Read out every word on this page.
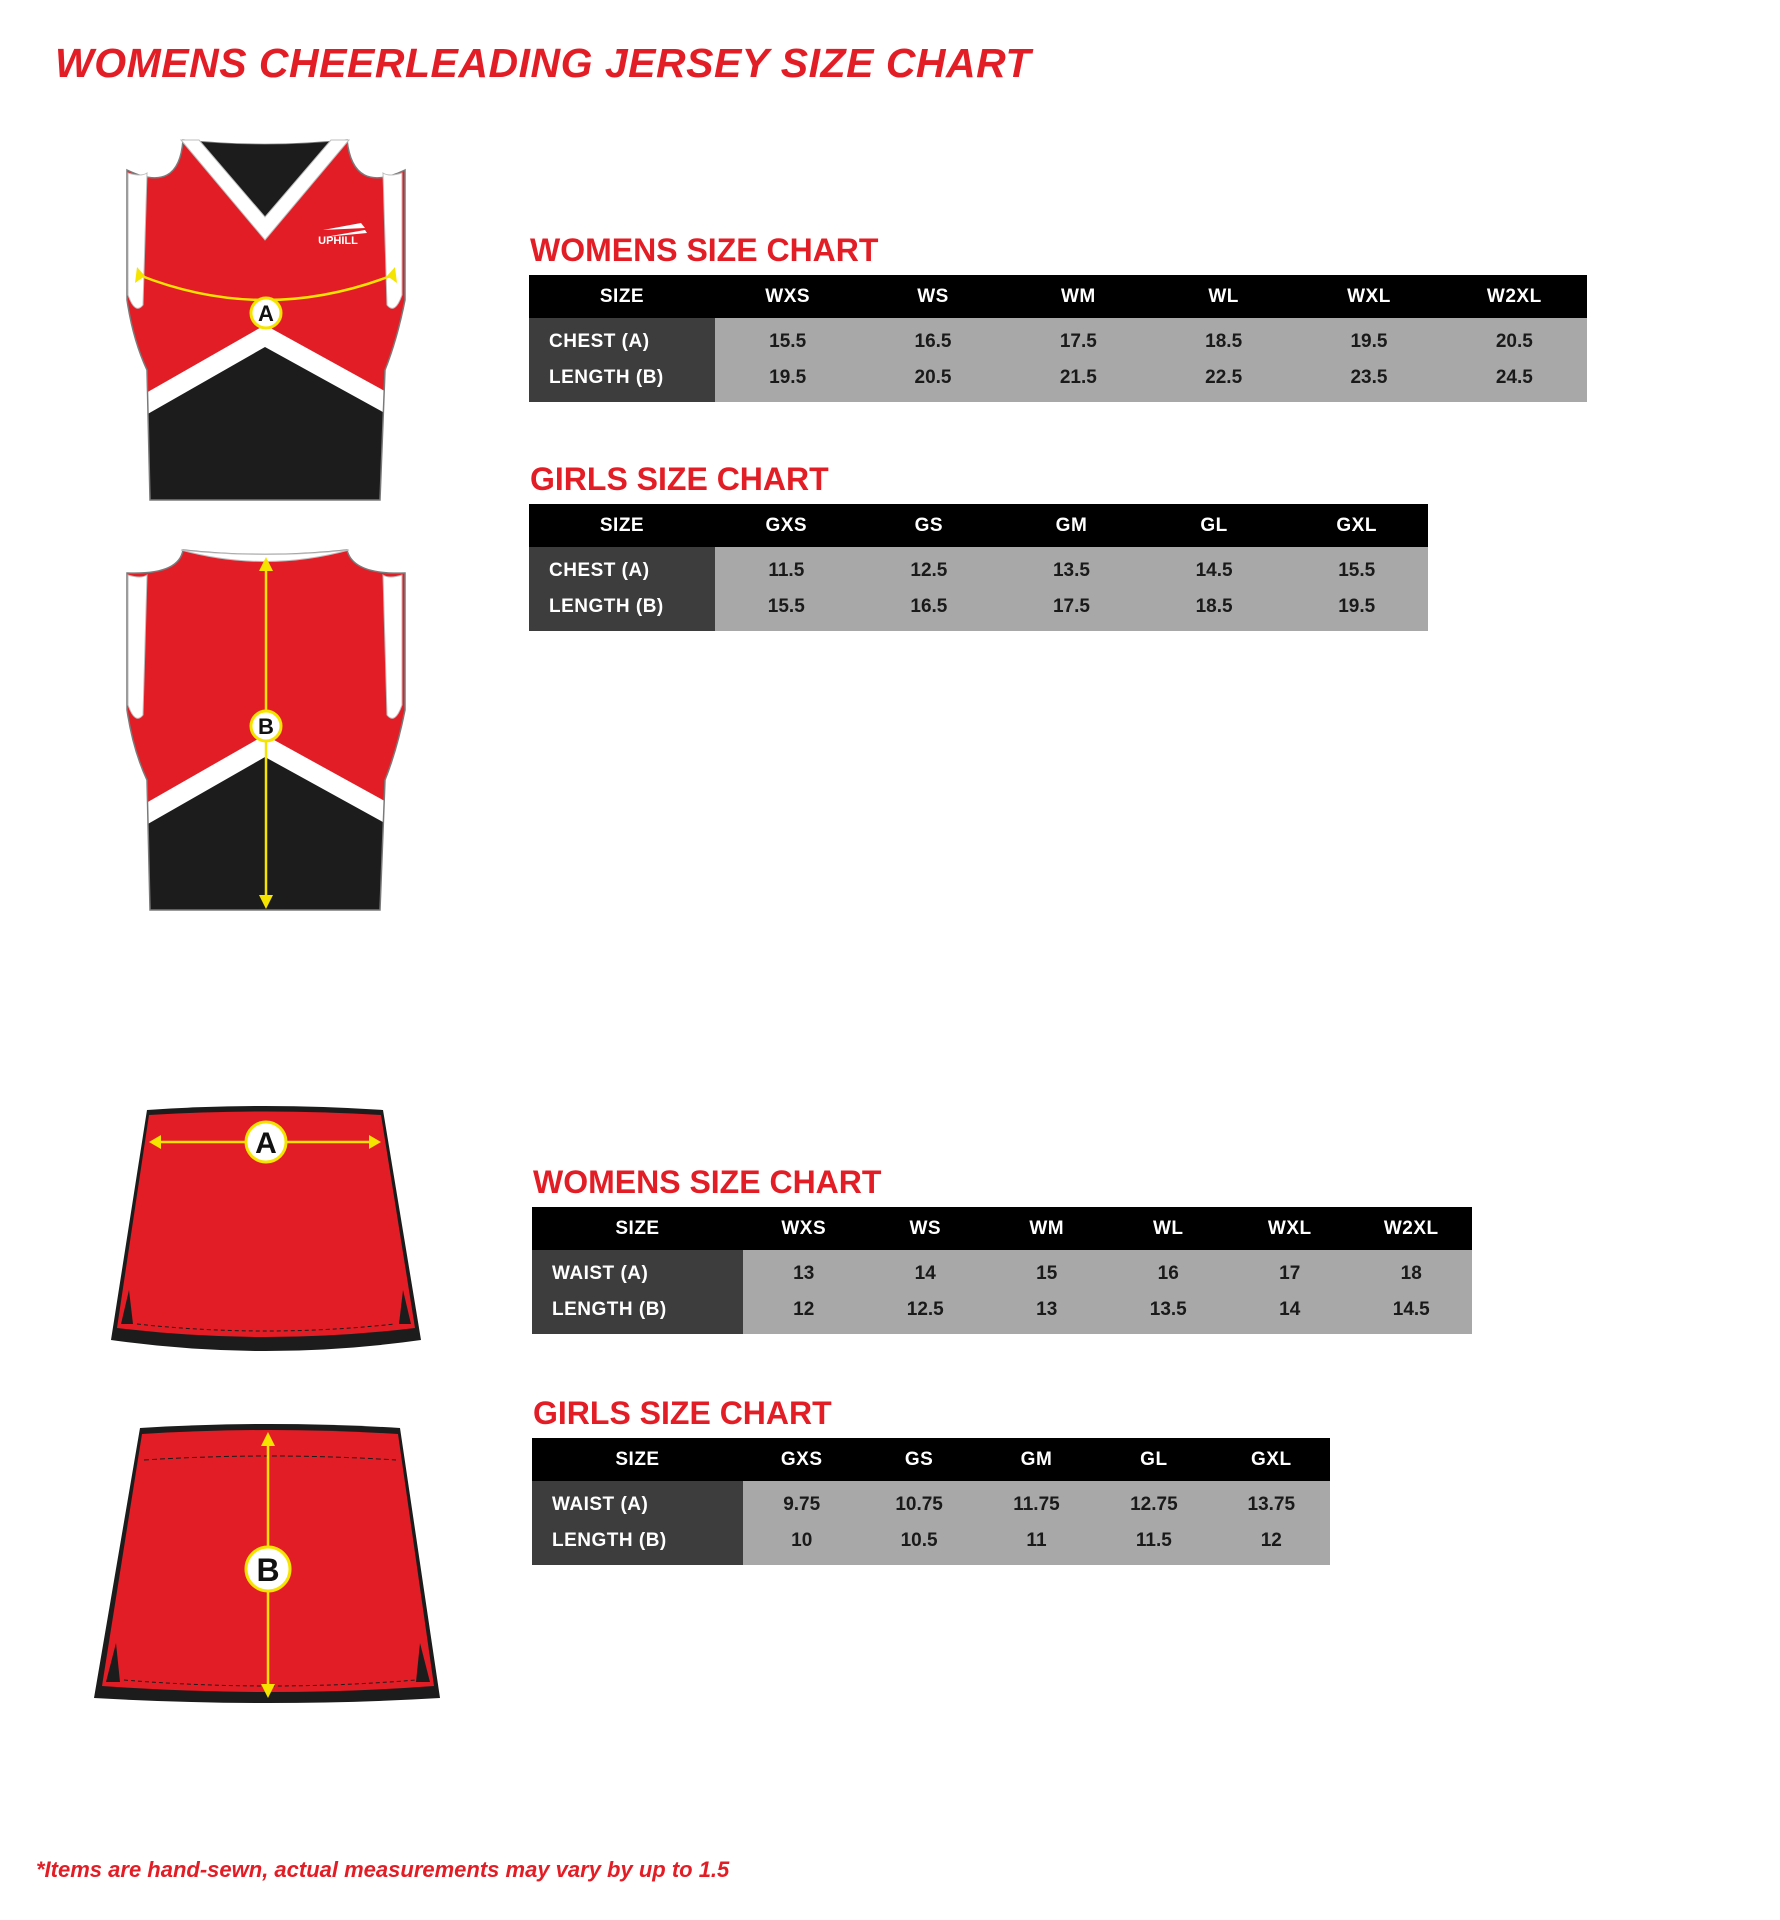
WOMENS CHEERLEADING JERSEY SIZE CHART
UPHILL
A
B
A
B
WOMENS SIZE CHART
SIZE	WXS	WS	WM	WL	WXL	W2XL
CHEST (A)	15.5	16.5	17.5	18.5	19.5	20.5
LENGTH (B)	19.5	20.5	21.5	22.5	23.5	24.5
GIRLS SIZE CHART
SIZE	GXS	GS	GM	GL	GXL
CHEST (A)	11.5	12.5	13.5	14.5	15.5
LENGTH (B)	15.5	16.5	17.5	18.5	19.5
WOMENS SIZE CHART
SIZE	WXS	WS	WM	WL	WXL	W2XL
WAIST (A)	13	14	15	16	17	18
LENGTH (B)	12	12.5	13	13.5	14	14.5
GIRLS SIZE CHART
SIZE	GXS	GS	GM	GL	GXL
WAIST (A)	9.75	10.75	11.75	12.75	13.75
LENGTH (B)	10	10.5	11	11.5	12
*Items are hand-sewn, actual measurements may vary by up to 1.5
